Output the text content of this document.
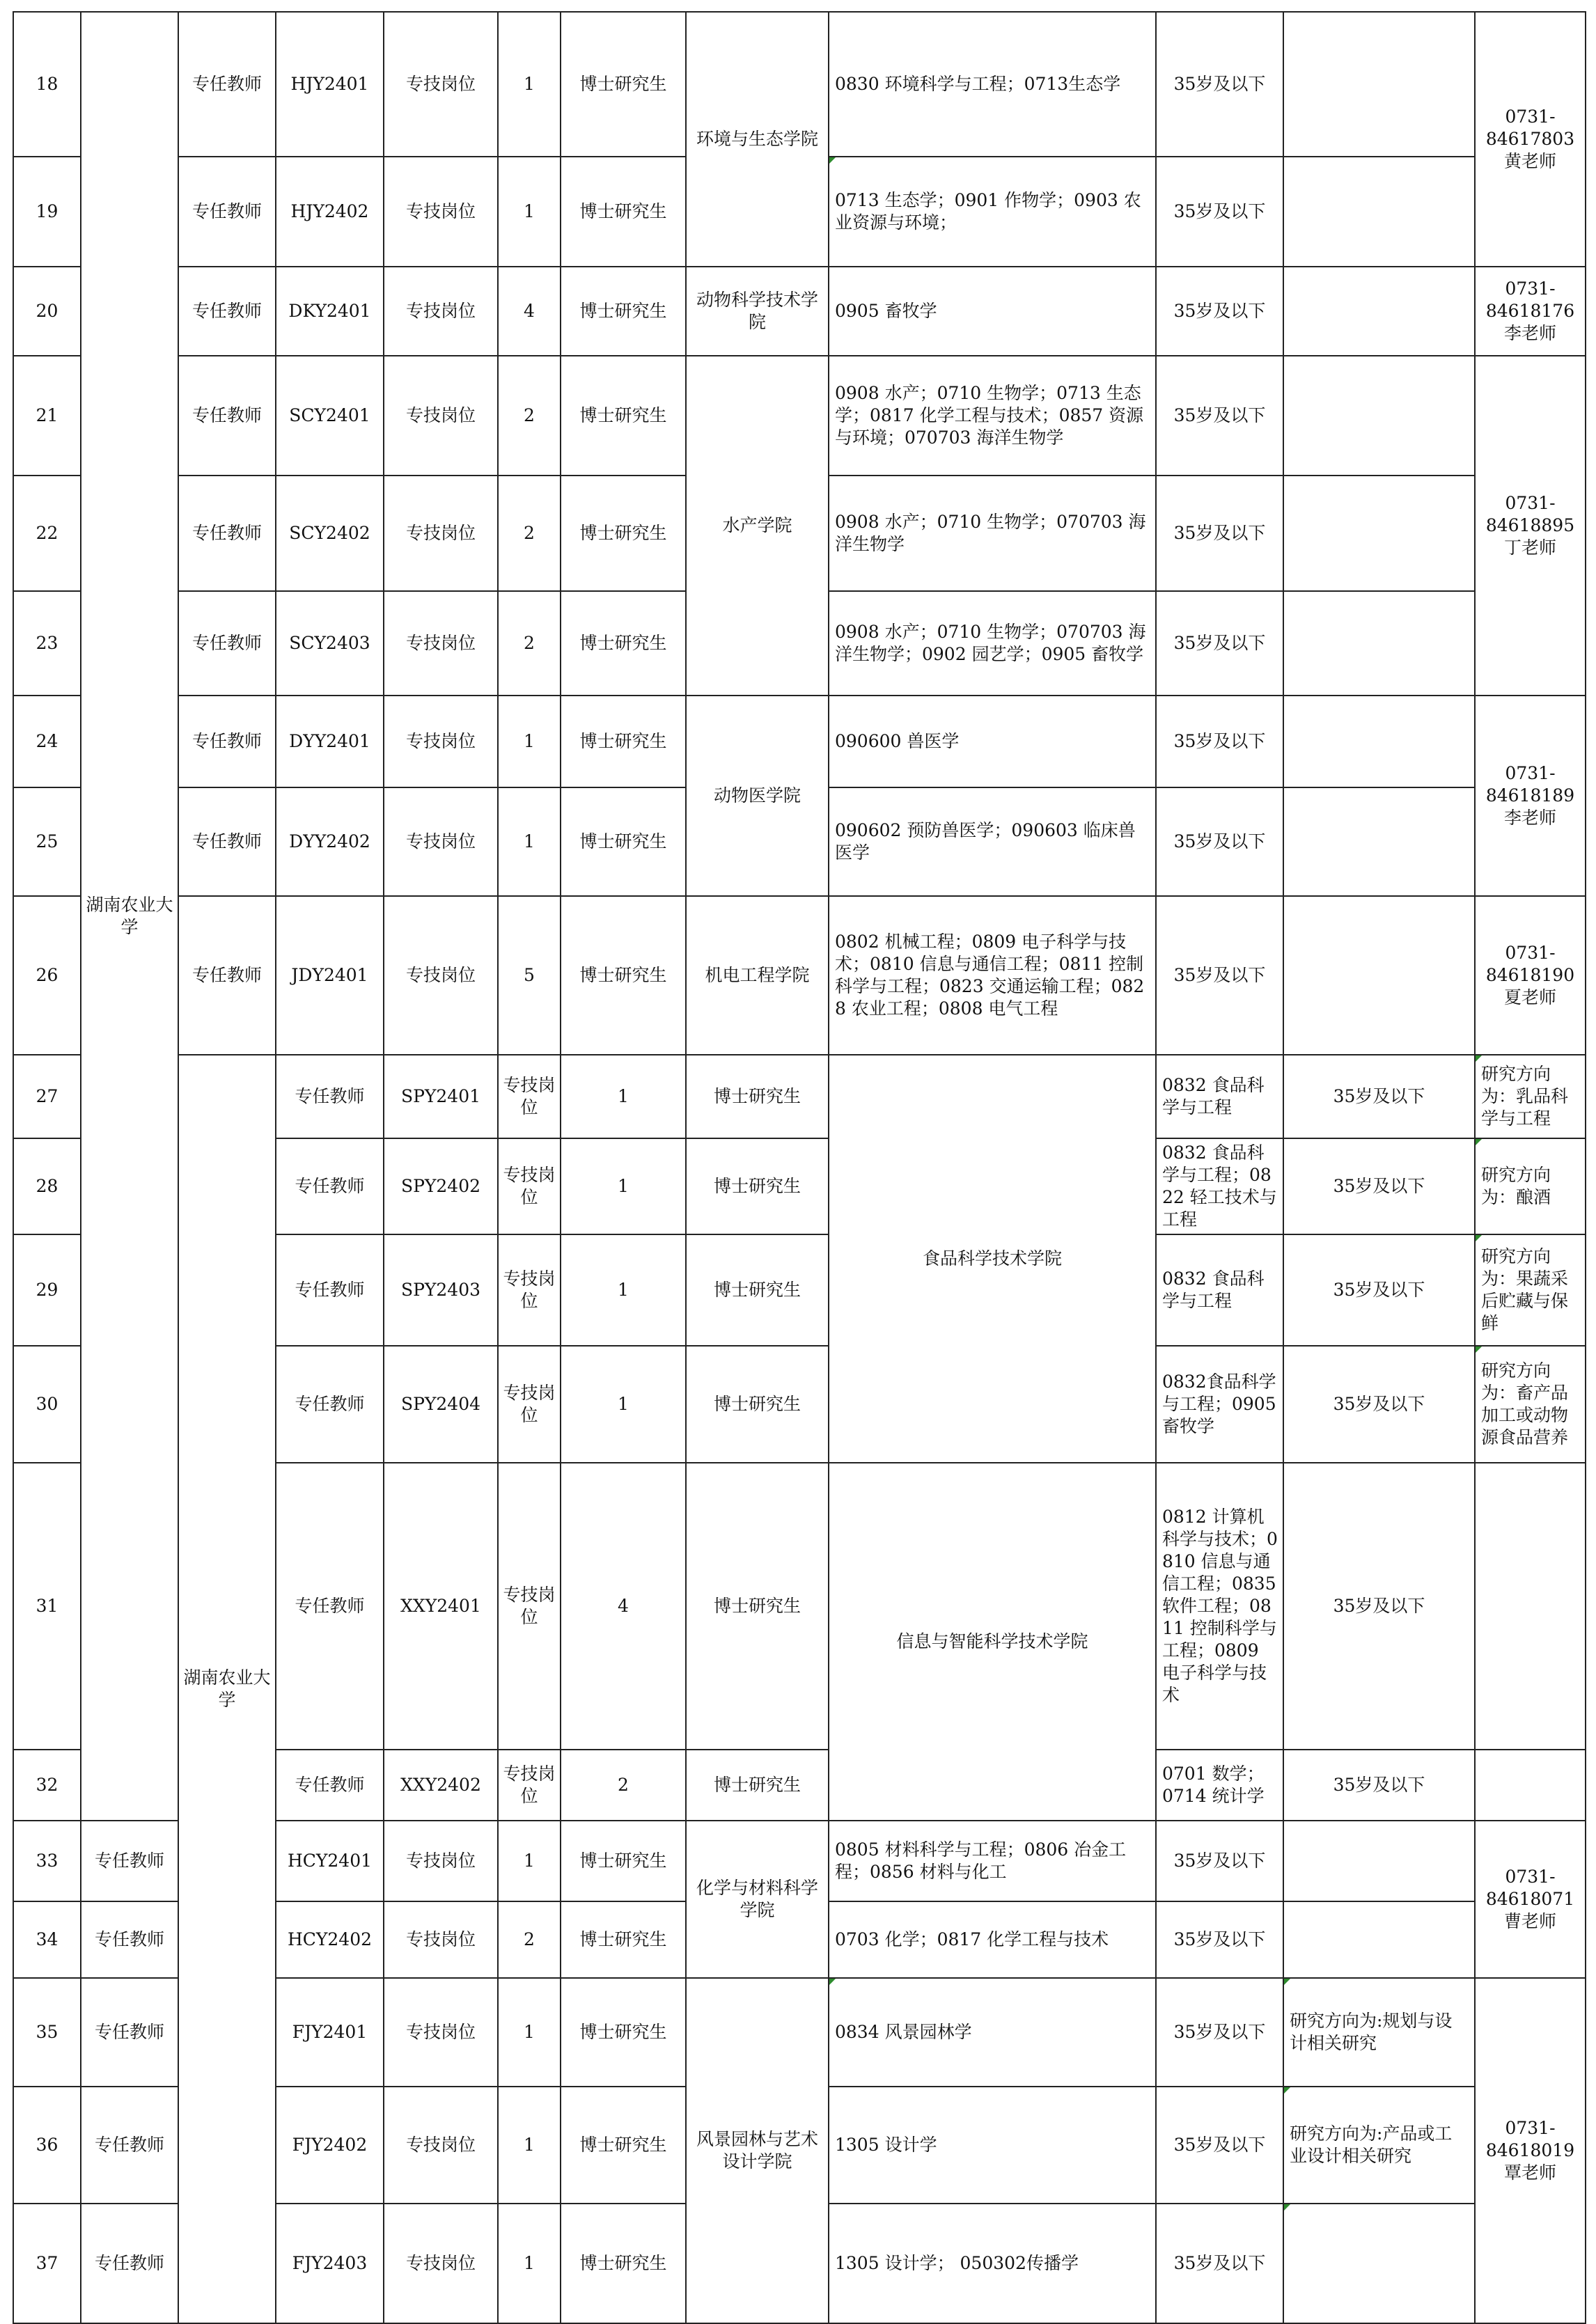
18	湖南农业大学	专任教师	HJY2401	专技岗位	1	博士研究生	环境与生态学院	0830 环境科学与工程；0713生态学	35岁及以下		0731-
84617803
黄老师	

19		专任教师	HJY2402	专技岗位	1	博士研究生		0713 生态学；0901 作物学；0903 农业资源与环境；	35岁及以下			
20		专任教师	DKY2401	专技岗位	4	博士研究生	动物科学技术学院	0905 畜牧学	35岁及以下		0731-
84618176
李老师	

21		专任教师	SCY2401	专技岗位	2	博士研究生	水产学院	0908 水产；0710 生物学；0713 生态学；0817 化学工程与技术；0857 资源与环境；070703 海洋生物学	35岁及以下		0731-
84618895
丁老师	

22		专任教师	SCY2402	专技岗位	2	博士研究生		0908 水产；0710 生物学；070703 海洋生物学	35岁及以下			
23		专任教师	SCY2403	专技岗位	2	博士研究生		0908 水产；0710 生物学；070703 海洋生物学；0902 园艺学；0905 畜牧学	35岁及以下			
24		专任教师	DYY2401	专技岗位	1	博士研究生	动物医学院	090600 兽医学	35岁及以下		0731-
84618189
李老师	

25		专任教师	DYY2402	专技岗位	1	博士研究生		090602 预防兽医学；090603 临床兽医学	35岁及以下			
26		专任教师	JDY2401	专技岗位	5	博士研究生	机电工程学院	0802 机械工程；0809 电子科学与技术；0810 信息与通信工程；0811 控制科学与工程；0823 交通运输工程；0828 农业工程；0808 电气工程	35岁及以下		0731-
84618190
夏老师	

27		湖南农业大学	专任教师	SPY2401	专技岗位	1	博士研究生	食品科学技术学院	0832 食品科学与工程	35岁及以下	研究方向为：乳品科学与工程	

28			专任教师	SPY2402	专技岗位	1	博士研究生		0832 食品科学与工程；0822 轻工技术与工程	35岁及以下	研究方向为：酿酒	
29			专任教师	SPY2403	专技岗位	1	博士研究生		0832 食品科学与工程	35岁及以下	研究方向为：果蔬采后贮藏与保鲜	
30			专任教师	SPY2404	专技岗位	1	博士研究生		0832食品科学与工程；0905畜牧学	35岁及以下	研究方向为：畜产品加工或动物源食品营养	
31			专任教师	XXY2401	专技岗位	4	博士研究生	信息与智能科学技术学院	0812 计算机科学与技术；0810 信息与通信工程；0835 软件工程；0811 控制科学与工程；0809 电子科学与技术	35岁及以下		

32			专任教师	XXY2402	专技岗位	2	博士研究生		0701 数学； 0714 统计学	35岁及以下		
33	专任教师		HCY2401	专技岗位	1	博士研究生	化学与材料科学学院	0805 材料科学与工程；0806 冶金工程；0856 材料与化工	35岁及以下		0731-
84618071
曹老师	

34	专任教师		HCY2402	专技岗位	2	博士研究生		0703 化学；0817 化学工程与技术	35岁及以下			
35	专任教师		FJY2401	专技岗位	1	博士研究生	风景园林与艺术设计学院	0834 风景园林学	35岁及以下	研究方向为:规划与设计相关研究	0731-
84618019
覃老师	

36	专任教师		FJY2402	专技岗位	1	博士研究生		1305 设计学	35岁及以下	研究方向为:产品或工业设计相关研究		
37	专任教师		FJY2403	专技岗位	1	博士研究生		1305 设计学； 050302传播学	35岁及以下			
